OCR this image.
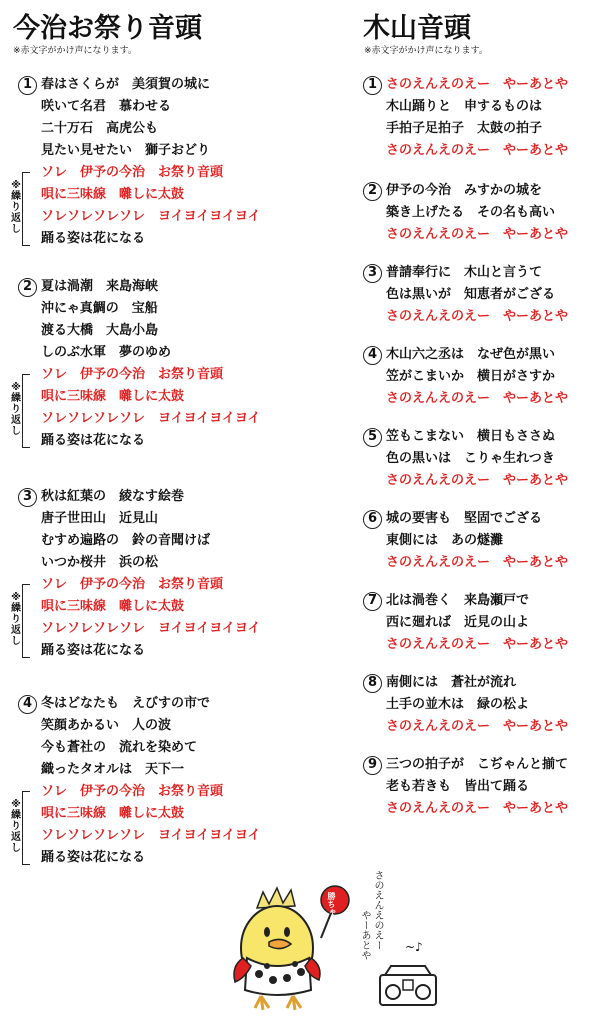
今治お祭り音頭
※赤文字がかけ声になります。
1 春はさくらが　美須賀の城に
咲いて名君　慕わせる
二十万石　高虎公も
見たい見せたい　獅子おどり
ソレ　伊予の今治　お祭り音頭
唄に三味線　囃しに太鼓
ソレソレソレソレ　ヨイヨイヨイヨイ
踊る姿は花になる
2 夏は渦潮　来島海峡
沖にゃ真鯛の　宝船
渡る大橋　大島小島
しのぶ水軍　夢のゆめ
ソレ　伊予の今治　お祭り音頭
唄に三味線　囃しに太鼓
ソレソレソレソレ　ヨイヨイヨイヨイ
踊る姿は花になる
3 秋は紅葉の　綾なす絵巻
唐子世田山　近見山
むすめ遍路の　鈴の音聞けば
いつか桜井　浜の松
ソレ　伊予の今治　お祭り音頭
唄に三味線　囃しに太鼓
ソレソレソレソレ　ヨイヨイヨイヨイ
踊る姿は花になる
4 冬はどなたも　えびすの市で
笑顔あかるい　人の波
今も蒼社の　流れを染めて
織ったタオルは　天下一
ソレ　伊予の今治　お祭り音頭
唄に三味線　囃しに太鼓
ソレソレソレソレ　ヨイヨイヨイヨイ
踊る姿は花になる
※
繰
り
返
し
※
繰
り
返
し
※
繰
り
返
し
※
繰
り
返
し
木山音頭
※赤文字がかけ声になります。
1 さのえんえのえー　やーあとや
木山踊りと　申するものは
手拍子足拍子　太鼓の拍子
さのえんえのえー　やーあとや
2 伊予の今治　みすかの城を
築き上げたる　その名も高い
さのえんえのえー　やーあとや
3 普請奉行に　木山と言うて
色は黒いが　知恵者がござる
さのえんえのえー　やーあとや
4 木山六之丞は　なぜ色が黒い
笠がこまいか　横日がさすか
さのえんえのえー　やーあとや
5 笠もこまない　横日もささぬ
色の黒いは　こりゃ生れつき
さのえんえのえー　やーあとや
6 城の要害も　堅固でござる
東側には　あの燧灘
さのえんえのえー　やーあとや
7 北は渦巻く　来島瀬戸で
西に廻れば　近見の山よ
さのえんえのえー　やーあとや
8 南側には　蒼社が流れ
土手の並木は　緑の松よ
さのえんえのえー　やーあとや
9 三つの拍子が　こぢゃんと揃て
老も若きも　皆出て踊る
さのえんえのえー　やーあとや
勝ちゃん	さのえんえのえー
やーあとや	~♪
